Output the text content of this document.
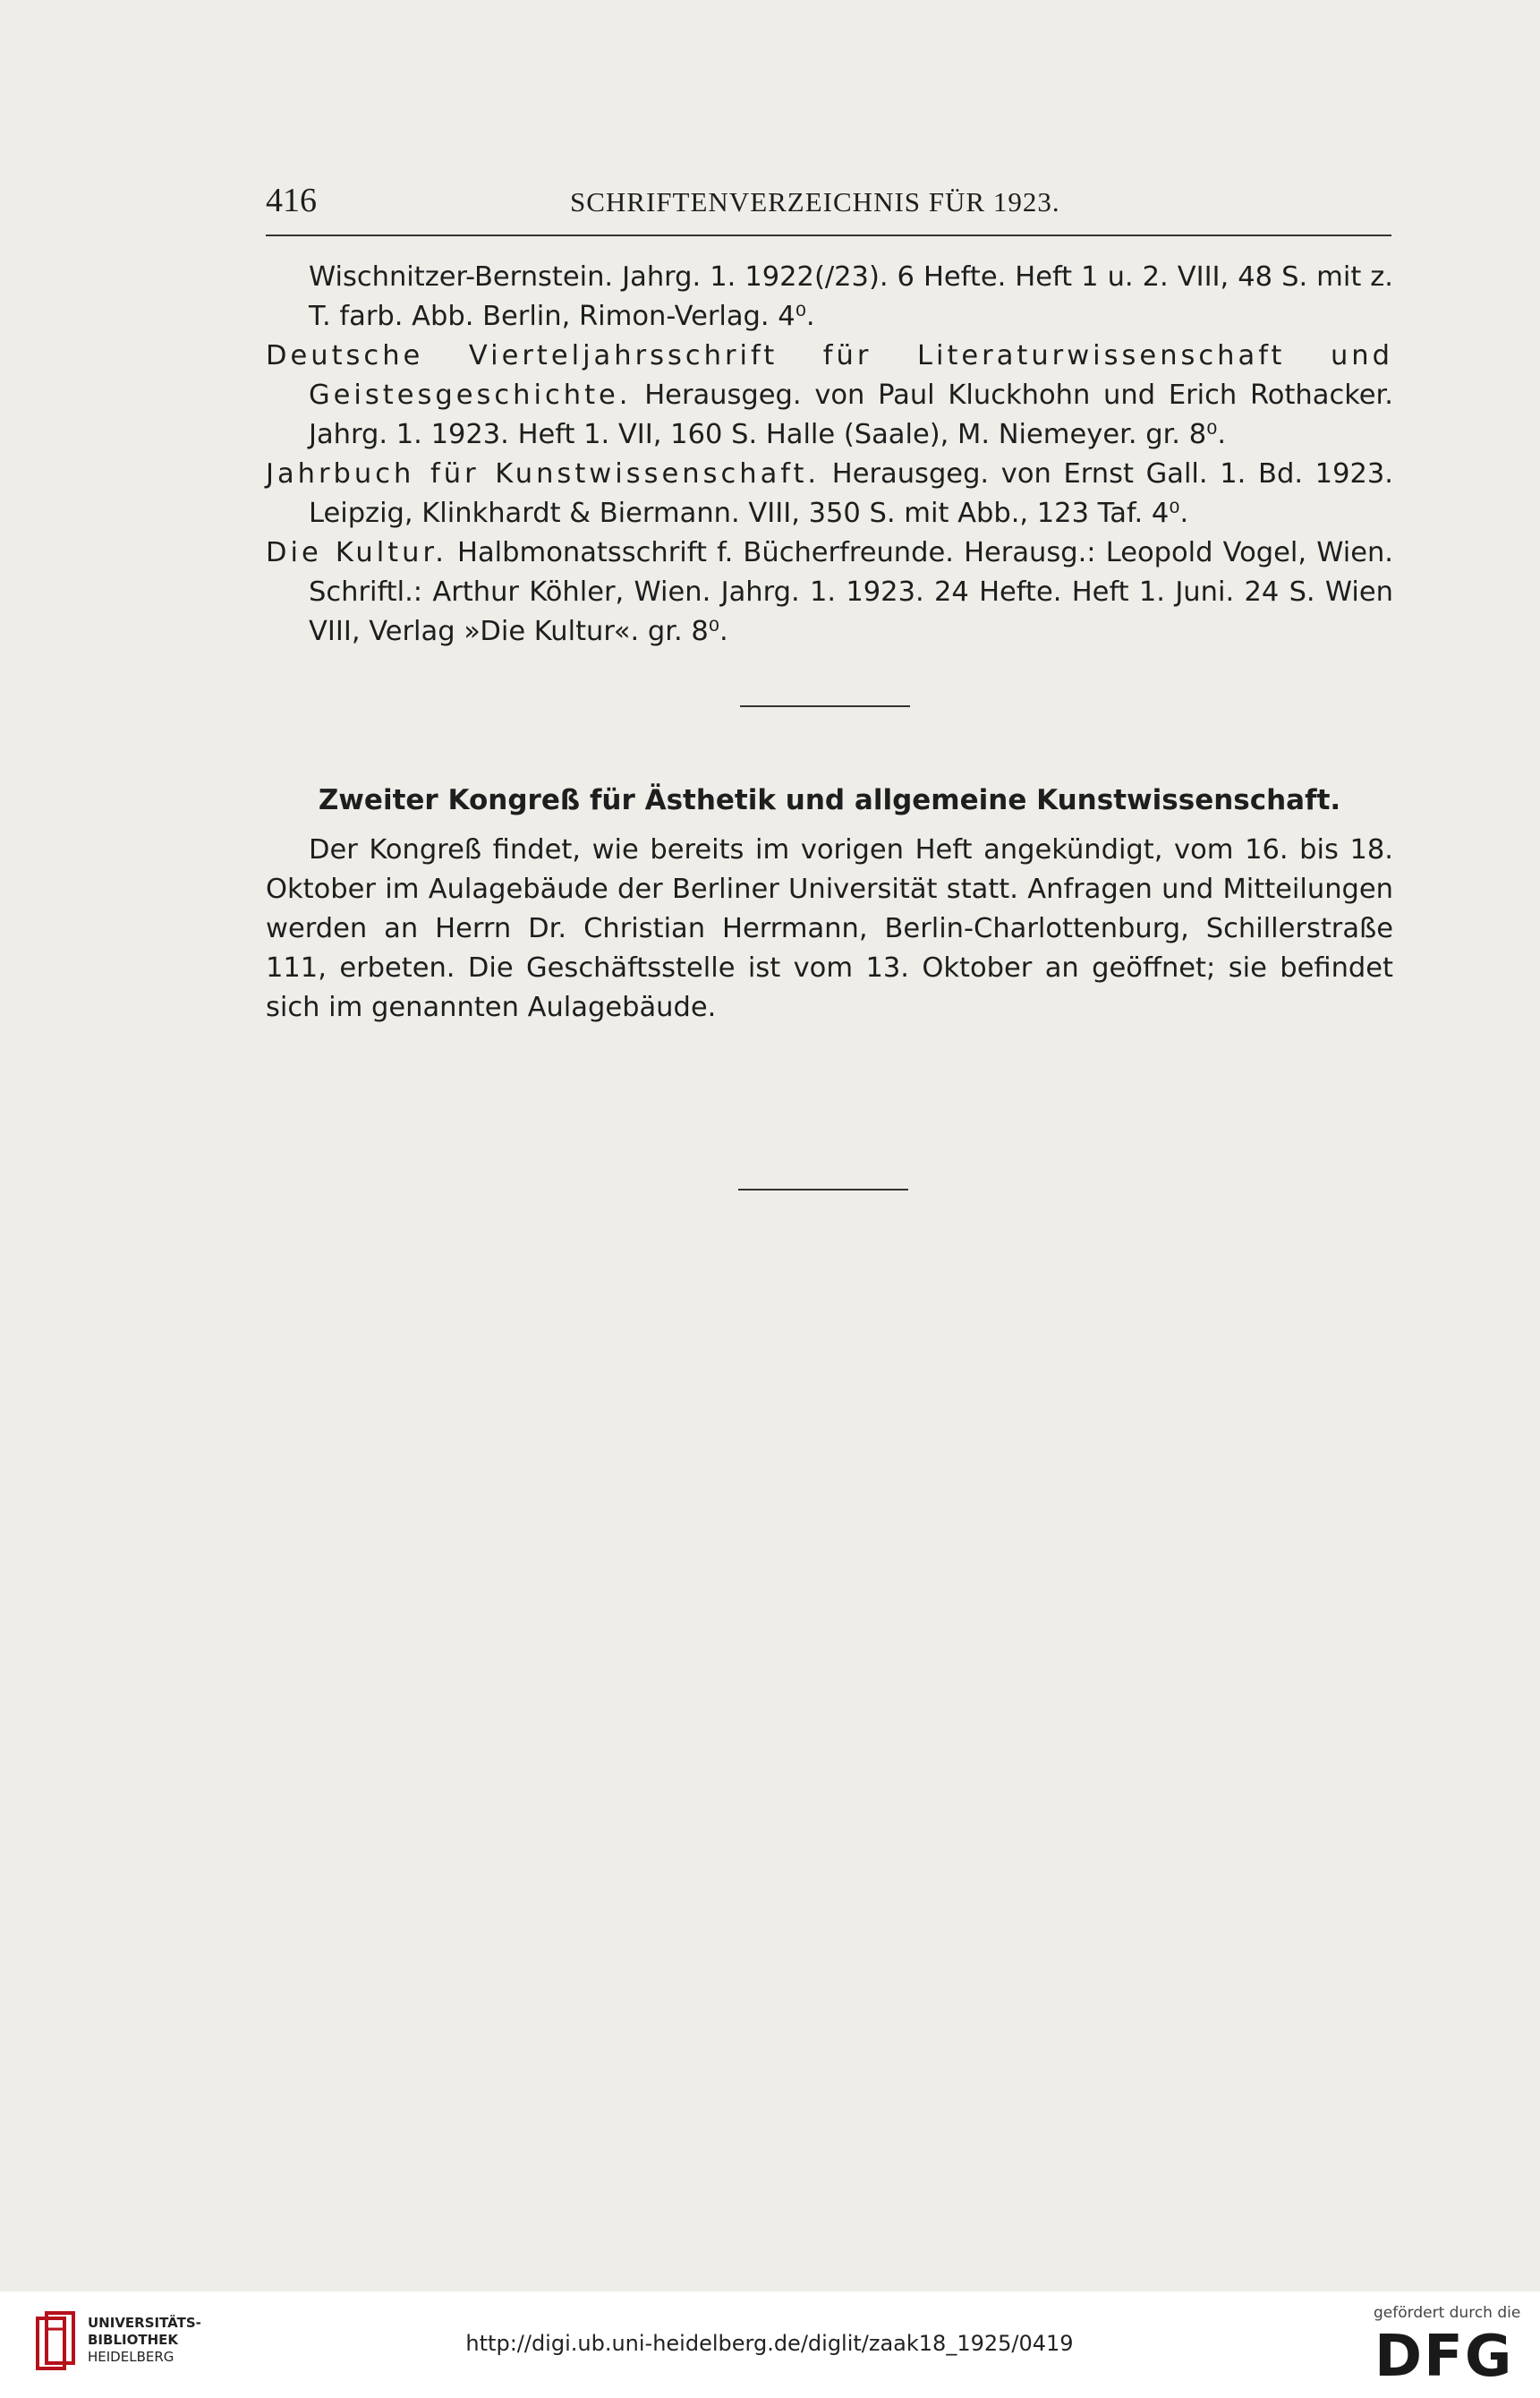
416	SCHRIFTENVERZEICHNIS FÜR 1923.

Wischnitzer-Bernstein. Jahrg. 1. 1922(/23). 6 Hefte. Heft 1 u. 2. VIII, 48 S. mit z. T. farb. Abb. Berlin, Rimon-Verlag. 4⁰.

Deutsche Vierteljahrsschrift für Literaturwissenschaft und Geistesgeschichte. Herausgeg. von Paul Kluckhohn und Erich Rothacker. Jahrg. 1. 1923. Heft 1. VII, 160 S. Halle (Saale), M. Niemeyer. gr. 8⁰.

Jahrbuch für Kunstwissenschaft. Herausgeg. von Ernst Gall. 1. Bd. 1923. Leipzig, Klinkhardt & Biermann. VIII, 350 S. mit Abb., 123 Taf. 4⁰.

Die Kultur. Halbmonatsschrift f. Bücherfreunde. Herausg.: Leopold Vogel, Wien. Schriftl.: Arthur Köhler, Wien. Jahrg. 1. 1923. 24 Hefte. Heft 1. Juni. 24 S. Wien VIII, Verlag »Die Kultur«. gr. 8⁰.

Zweiter Kongreß für Ästhetik und allgemeine Kunstwissenschaft.

Der Kongreß findet, wie bereits im vorigen Heft angekündigt, vom 16. bis 18. Oktober im Aulagebäude der Berliner Universität statt. Anfragen und Mitteilungen werden an Herrn Dr. Christian Herrmann, Berlin-Charlottenburg, Schillerstraße 111, erbeten. Die Geschäftsstelle ist vom 13. Oktober an geöffnet; sie befindet sich im genannten Aulagebäude.

UNIVERSITÄTS-
BIBLIOTHEK
HEIDELBERG
http://digi.ub.uni-heidelberg.de/diglit/zaak18_1925/0419
gefördert durch die
DFG
